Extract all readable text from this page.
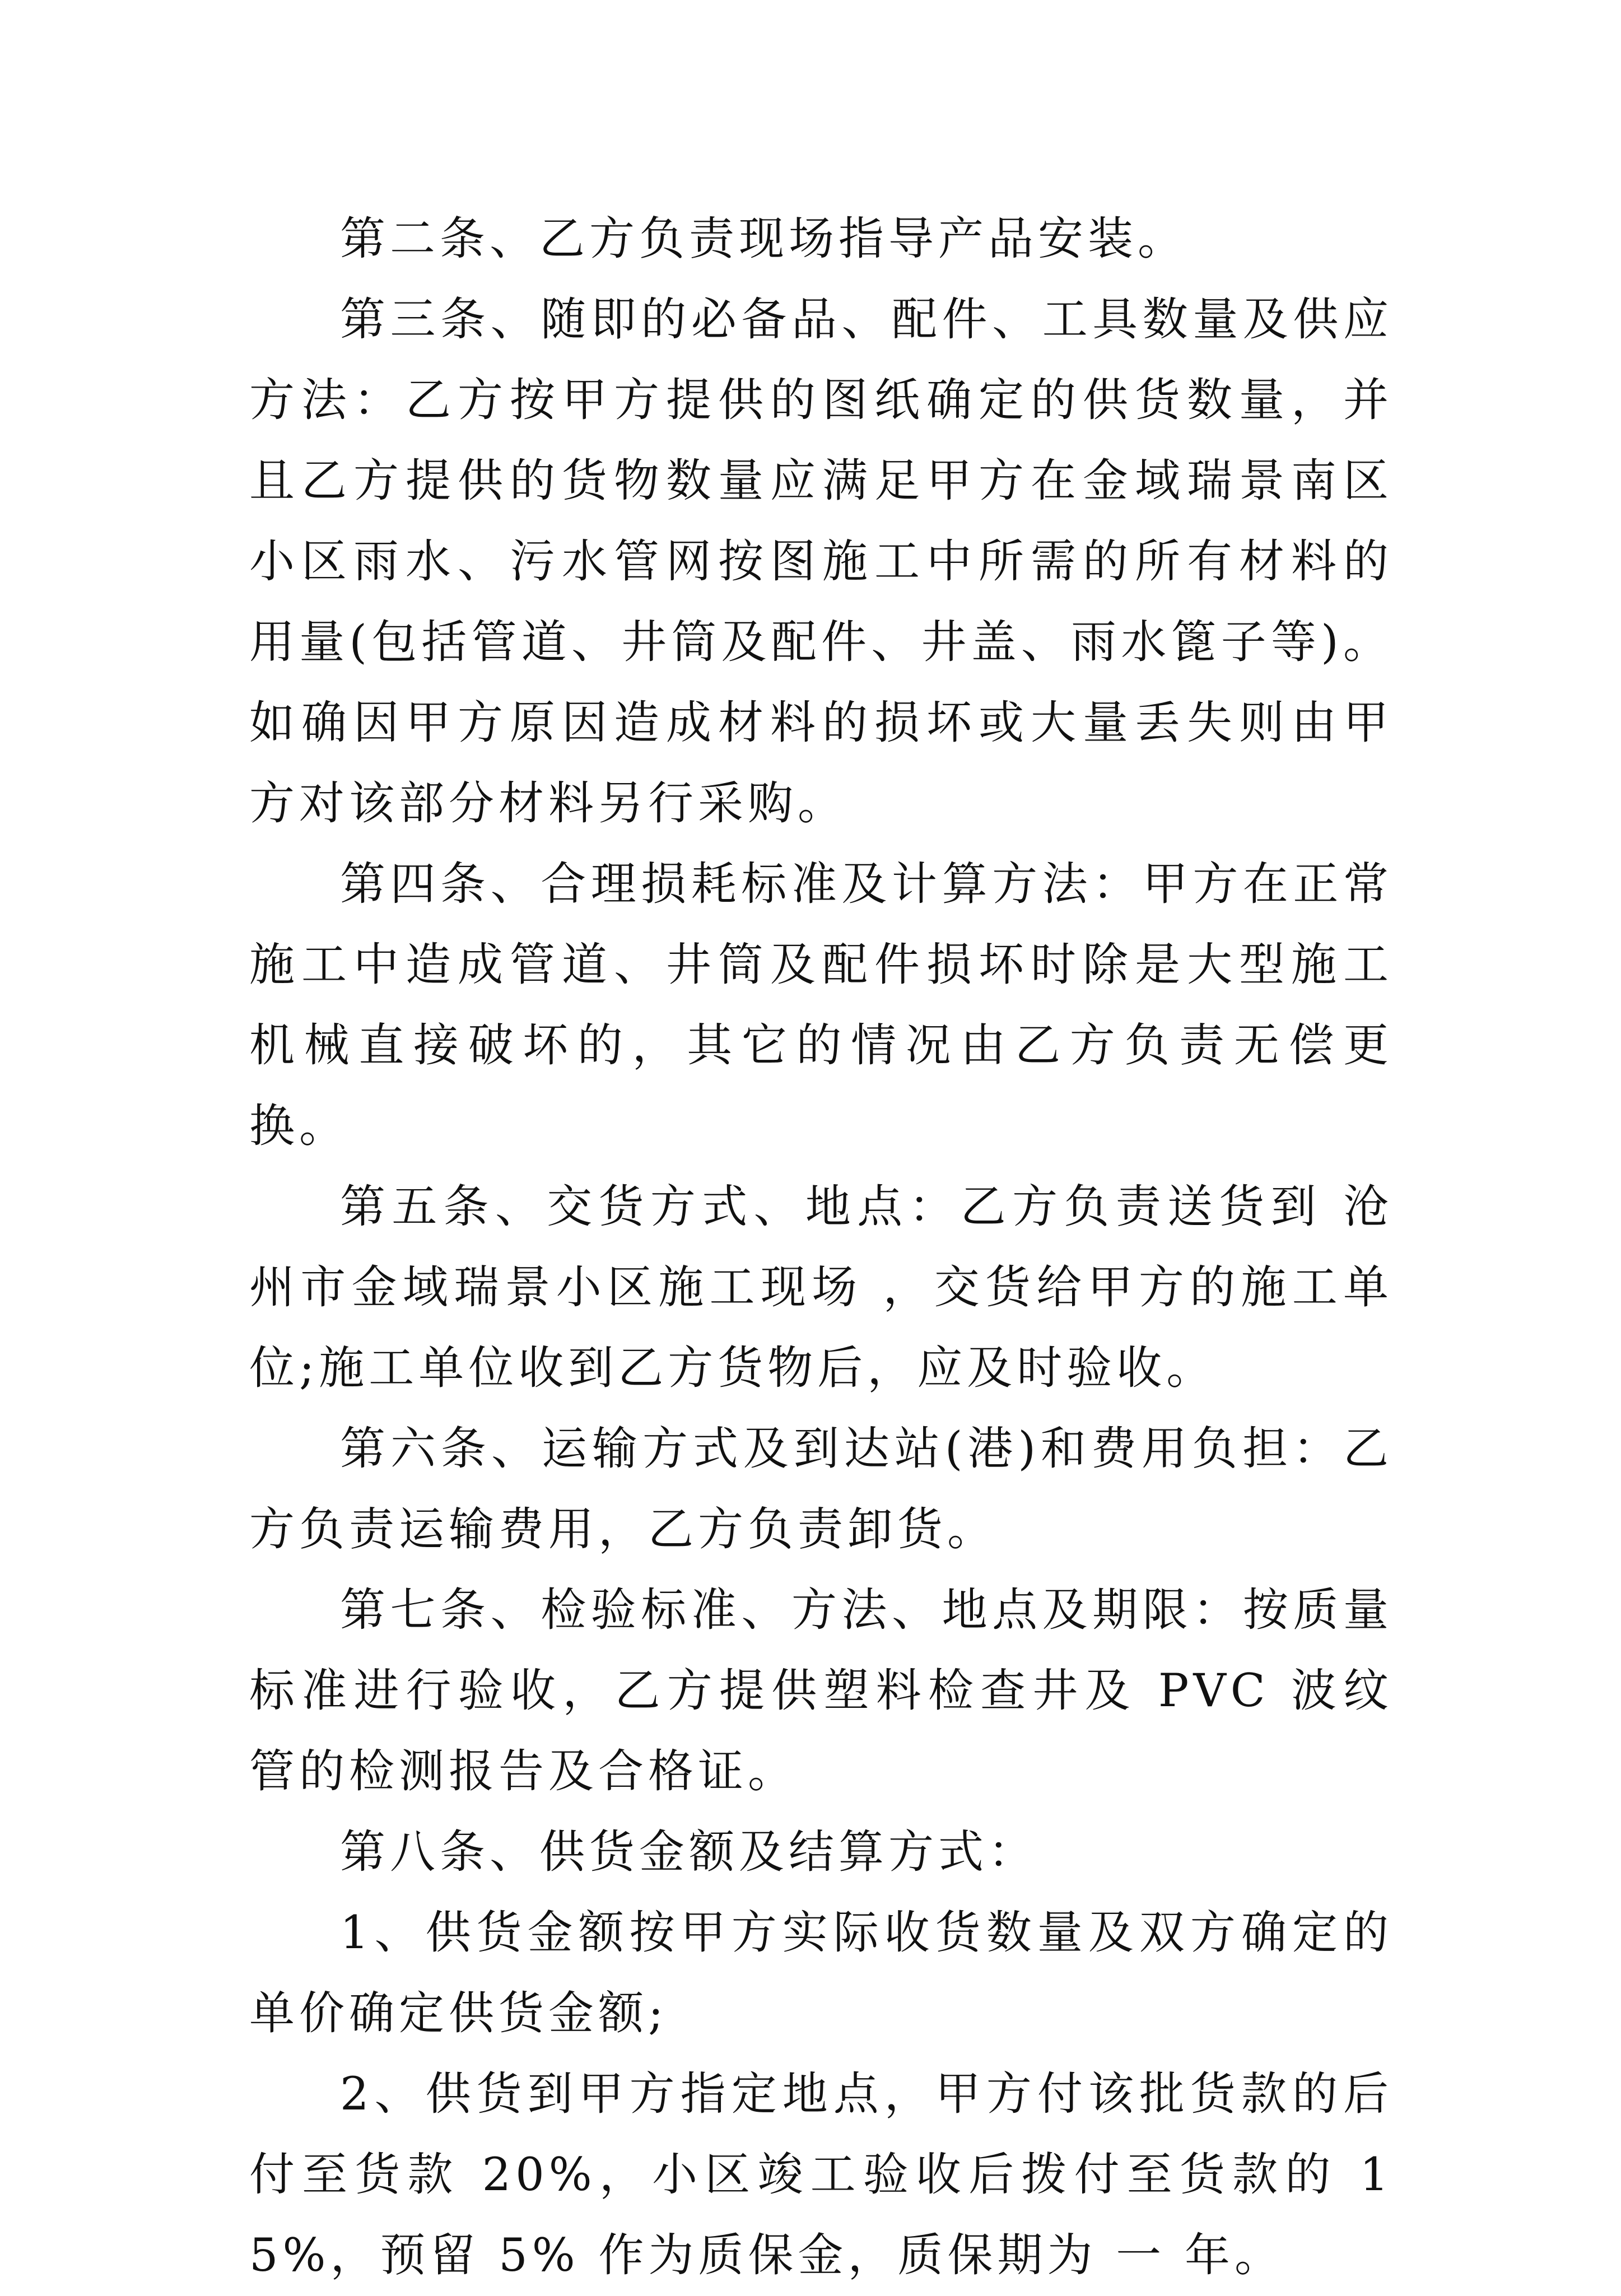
第二条、乙方负责现场指导产品安装。

第三条、随即的必备品、配件、工具数量及供应方法：乙方按甲方提供的图纸确定的供货数量，并且乙方提供的货物数量应满足甲方在金域瑞景南区小区雨水、污水管网按图施工中所需的所有材料的用量(包括管道、井筒及配件、井盖、雨水篦子等)。如确因甲方原因造成材料的损坏或大量丢失则由甲方对该部分材料另行采购。

第四条、合理损耗标准及计算方法：甲方在正常施工中造成管道、井筒及配件损坏时除是大型施工机械直接破坏的，其它的情况由乙方负责无偿更换。

第五条、交货方式、地点：乙方负责送货到 沧州市金域瑞景小区施工现场 ，交货给甲方的施工单位;施工单位收到乙方货物后，应及时验收。

第六条、运输方式及到达站(港)和费用负担：乙方负责运输费用，乙方负责卸货。

第七条、检验标准、方法、地点及期限：按质量标准进行验收，乙方提供塑料检查井及 PVC 波纹管的检测报告及合格证。

第八条、供货金额及结算方式：

1、供货金额按甲方实际收货数量及双方确定的单价确定供货金额;

2、供货到甲方指定地点，甲方付该批货款的后付至货款 20%，小区竣工验收后拨付至货款的 15%，预留 5% 作为质保金，质保期为 一 年。
